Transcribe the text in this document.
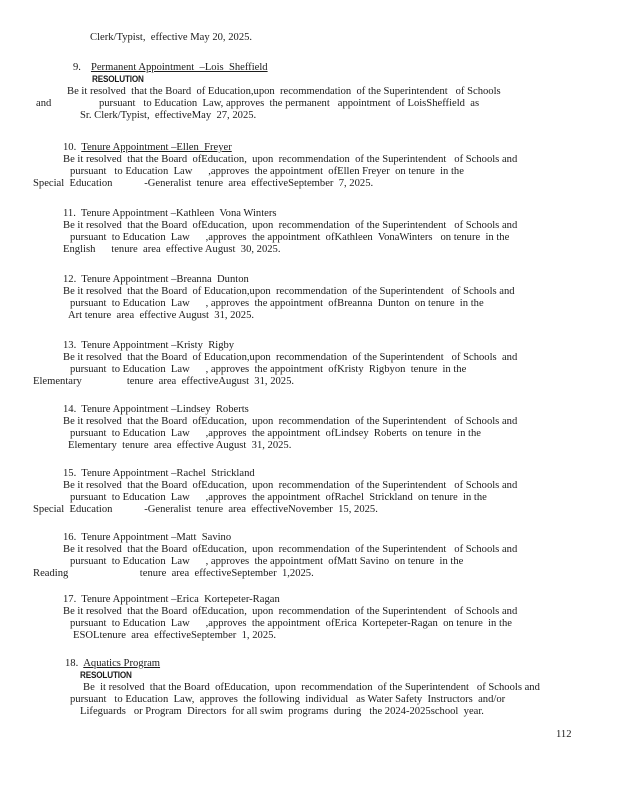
Clerk/Typist,  effective May 20, 2025.
9. Permanent Appointment  –Lois  Sheffield
RESOLUTION
Be it resolved  that the Board  of Education,upon  recommendation  of the Superintendent   of Schools
and                  pursuant   to Education  Law, approves  the permanent   appointment  of LoisSheffield  as
Sr. Clerk/Typist,  effectiveMay  27, 2025.
10. Tenure Appointment –Ellen  Freyer
Be it resolved  that the Board  ofEducation,  upon  recommendation  of the Superintendent   of Schools and
pursuant   to Education  Law      ,approves  the appointment  ofEllen Freyer  on tenure  in the
Special  Education            -Generalist  tenure  area  effectiveSeptember  7, 2025.
11. Tenure Appointment –Kathleen  Vona Winters
Be it resolved  that the Board  ofEducation,  upon  recommendation  of the Superintendent   of Schools and
pursuant  to Education  Law      ,approves  the appointment  ofKathleen  VonaWinters   on tenure  in the
English      tenure  area  effective August  30, 2025.
12. Tenure Appointment –Breanna  Dunton
Be it resolved  that the Board  of Education,upon  recommendation  of the Superintendent   of Schools and
pursuant  to Education  Law      , approves  the appointment  ofBreanna  Dunton  on tenure  in the
Art tenure  area  effective August  31, 2025.
13. Tenure Appointment –Kristy  Rigby
Be it resolved  that the Board  of Education,upon  recommendation  of the Superintendent   of Schools  and
pursuant  to Education  Law      , approves  the appointment  ofKristy  Rigbyon  tenure  in the
Elementary                 tenure  area  effectiveAugust  31, 2025.
14. Tenure Appointment –Lindsey  Roberts
Be it resolved  that the Board  ofEducation,  upon  recommendation  of the Superintendent   of Schools and
pursuant  to Education  Law      ,approves  the appointment  ofLindsey  Roberts  on tenure  in the
Elementary  tenure  area  effective August  31, 2025.
15. Tenure Appointment –Rachel  Strickland
Be it resolved  that the Board  ofEducation,  upon  recommendation  of the Superintendent   of Schools and
pursuant  to Education  Law      ,approves  the appointment  ofRachel  Strickland  on tenure  in the
Special  Education            -Generalist  tenure  area  effectiveNovember  15, 2025.
16. Tenure Appointment –Matt  Savino
Be it resolved  that the Board  ofEducation,  upon  recommendation  of the Superintendent   of Schools and
pursuant  to Education  Law      , approves  the appointment  ofMatt Savino  on tenure  in the
Reading                           tenure  area  effectiveSeptember  1,2025.
17. Tenure Appointment –Erica  Kortepeter-Ragan
Be it resolved  that the Board  ofEducation,  upon  recommendation  of the Superintendent   of Schools and
pursuant  to Education  Law      ,approves  the appointment  ofErica  Kortepeter-Ragan  on tenure  in the
ESOLtenure  area  effectiveSeptember  1, 2025.
18. Aquatics Program
RESOLUTION
Be  it resolved  that the Board  ofEducation,  upon  recommendation  of the Superintendent   of Schools and
pursuant   to Education  Law,  approves  the following  individual   as Water Safety  Instructors  and/or
Lifeguards   or Program  Directors  for all swim  programs  during   the 2024-2025school  year.
112
